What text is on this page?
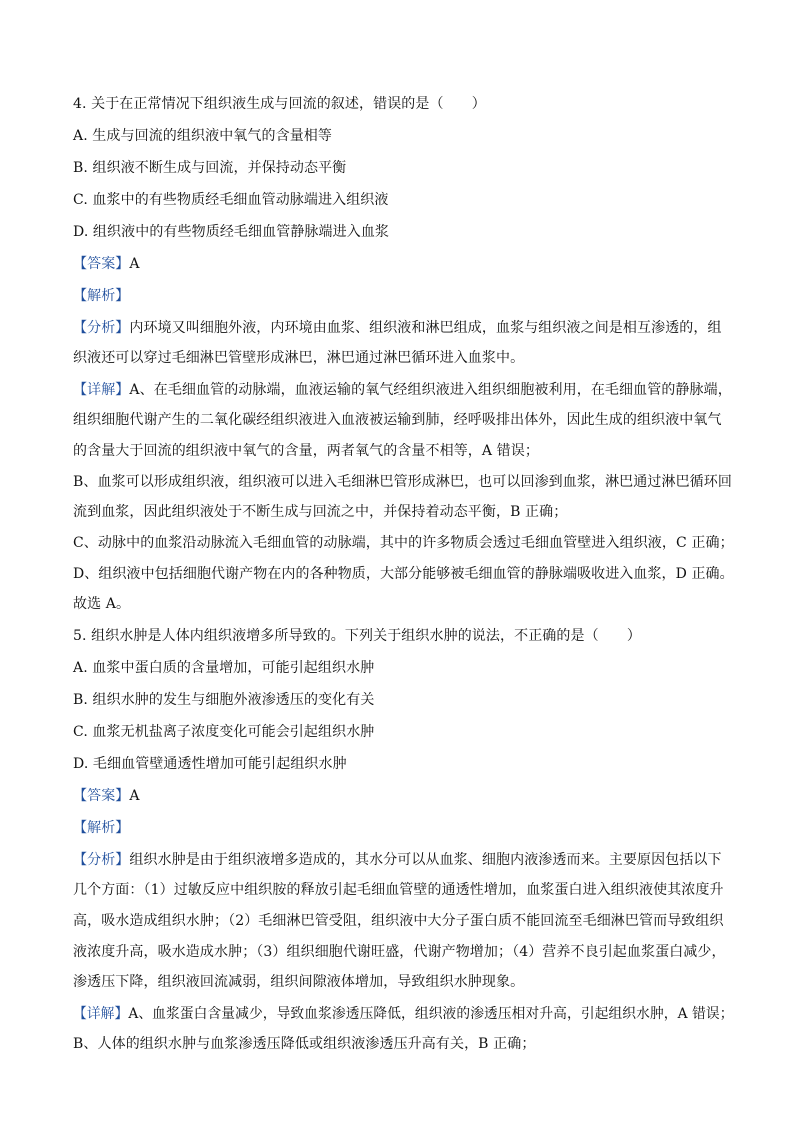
4. 关于在正常情况下组织液生成与回流的叙述，错误的是（　　）
A. 生成与回流的组织液中氧气的含量相等
B. 组织液不断生成与回流，并保持动态平衡
C. 血浆中的有些物质经毛细血管动脉端进入组织液
D. 组织液中的有些物质经毛细血管静脉端进入血浆
【答案】A
【解析】
【分析】内环境又叫细胞外液，内环境由血浆、组织液和淋巴组成，血浆与组织液之间是相互渗透的，组
织液还可以穿过毛细淋巴管壁形成淋巴，淋巴通过淋巴循环进入血浆中。
【详解】A、在毛细血管的动脉端，血液运输的氧气经组织液进入组织细胞被利用，在毛细血管的静脉端，
组织细胞代谢产生的二氧化碳经组织液进入血液被运输到肺，经呼吸排出体外，因此生成的组织液中氧气
的含量大于回流的组织液中氧气的含量，两者氧气的含量不相等，A 错误；
B、血浆可以形成组织液，组织液可以进入毛细淋巴管形成淋巴，也可以回渗到血浆，淋巴通过淋巴循环回
流到血浆，因此组织液处于不断生成与回流之中，并保持着动态平衡，B 正确；
C、动脉中的血浆沿动脉流入毛细血管的动脉端，其中的许多物质会透过毛细血管壁进入组织液，C 正确；
D、组织液中包括细胞代谢产物在内的各种物质，大部分能够被毛细血管的静脉端吸收进入血浆，D 正确。
故选 A。
5. 组织水肿是人体内组织液增多所导致的。下列关于组织水肿的说法，不正确的是（　　）
A. 血浆中蛋白质的含量增加，可能引起组织水肿
B. 组织水肿的发生与细胞外液渗透压的变化有关
C. 血浆无机盐离子浓度变化可能会引起组织水肿
D. 毛细血管壁通透性增加可能引起组织水肿
【答案】A
【解析】
【分析】组织水肿是由于组织液增多造成的，其水分可以从血浆、细胞内液渗透而来。主要原因包括以下
几个方面：（1）过敏反应中组织胺的释放引起毛细血管壁的通透性增加，血浆蛋白进入组织液使其浓度升
高，吸水造成组织水肿；（2）毛细淋巴管受阻，组织液中大分子蛋白质不能回流至毛细淋巴管而导致组织
液浓度升高，吸水造成水肿；（3）组织细胞代谢旺盛，代谢产物增加；（4）营养不良引起血浆蛋白减少，
渗透压下降，组织液回流减弱，组织间隙液体增加，导致组织水肿现象。
【详解】A、血浆蛋白含量减少，导致血浆渗透压降低，组织液的渗透压相对升高，引起组织水肿，A 错误；
B、人体的组织水肿与血浆渗透压降低或组织液渗透压升高有关，B 正确；
